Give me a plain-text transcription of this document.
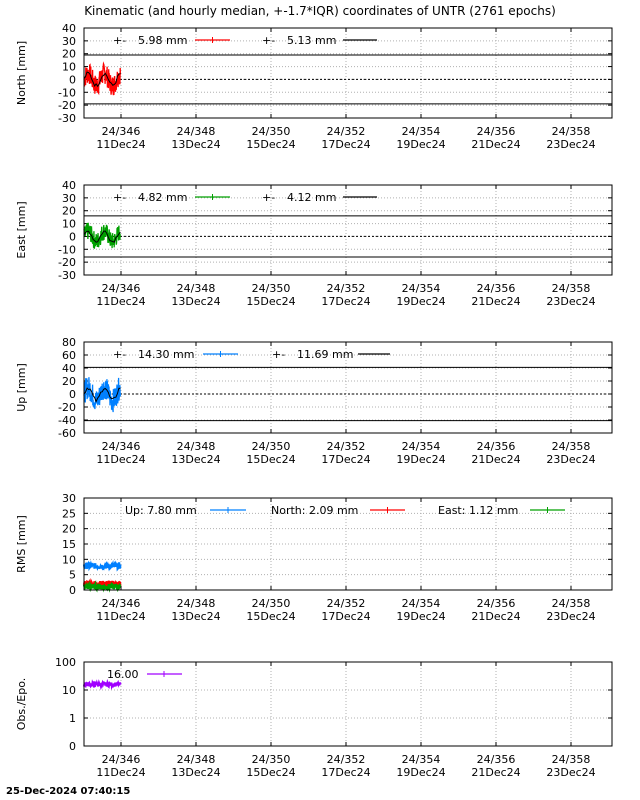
Kinematic (and hourly median, +-1.7*IQR) coordinates of UNTR (2761 epochs)
40
30
20
10
0
-10
-20
-30
24/346
11Dec24
24/348
13Dec24
24/350
15Dec24
24/352
17Dec24
24/354
19Dec24
24/356
21Dec24
24/358
23Dec24
North [mm]
+- 5.98 mm	+- 5.13 mm
40
30
20
10
0
-10
-20
-30
24/346
11Dec24
24/348
13Dec24
24/350
15Dec24
24/352
17Dec24
24/354
19Dec24
24/356
21Dec24
24/358
23Dec24
East [mm]
+- 4.82 mm	+- 4.12 mm
80
60
40
20
0
-20
-40
-60
24/346
11Dec24
24/348
13Dec24
24/350
15Dec24
24/352
17Dec24
24/354
19Dec24
24/356
21Dec24
24/358
23Dec24
Up [mm]
+- 14.30 mm	+- 11.69 mm
30
25
20
15
10
5
0
24/346
11Dec24
24/348
13Dec24
24/350
15Dec24
24/352
17Dec24
24/354
19Dec24
24/356
21Dec24
24/358
23Dec24
RMS [mm]
Up: 7.80 mm	North: 2.09 mm	East: 1.12 mm
100
10
1
0
24/346
11Dec24
24/348
13Dec24
24/350
15Dec24
24/352
17Dec24
24/354
19Dec24
24/356
21Dec24
24/358
23Dec24
Obs./Epo.
16.00
25-Dec-2024 07:40:15
